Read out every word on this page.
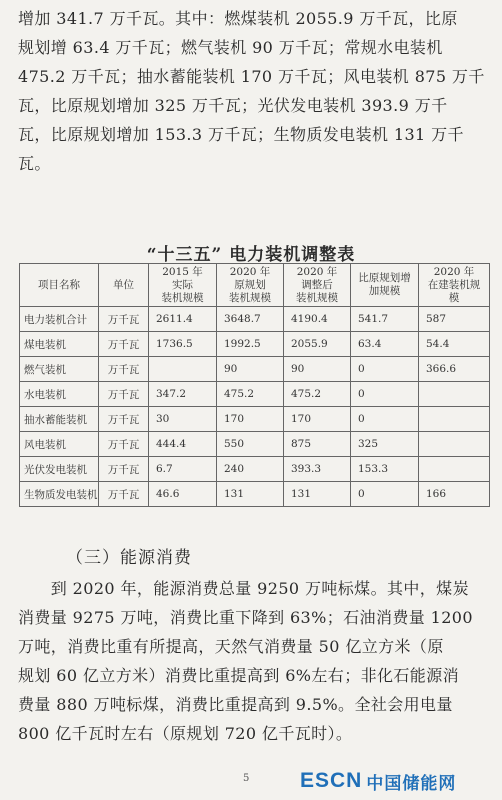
增加 341.7 万千瓦。其中：燃煤装机 2055.9 万千瓦，比原
规划增 63.4 万千瓦；燃气装机 90 万千瓦；常规水电装机
475.2 万千瓦；抽水蓄能装机 170 万千瓦；风电装机 875 万千
瓦，比原规划增加 325 万千瓦；光伏发电装机 393.9 万千
瓦，比原规划增加 153.3 万千瓦；生物质发电装机 131 万千
瓦。
“十三五” 电力装机调整表
项目名称	单位	2015 年
实际
装机规模	2020 年
原规划
装机规模	2020 年
调整后
装机规模	比原规划增
加规模	2020 年
在建装机规
模
电力装机合计	万千瓦	2611.4	3648.7	4190.4	541.7	587
煤电装机	万千瓦	1736.5	1992.5	2055.9	63.4	54.4
燃气装机	万千瓦		90	90	0	366.6
水电装机	万千瓦	347.2	475.2	475.2	0	
抽水蓄能装机	万千瓦	30	170	170	0	
风电装机	万千瓦	444.4	550	875	325	
光伏发电装机	万千瓦	6.7	240	393.3	153.3	
生物质发电装机	万千瓦	46.6	131	131	0	166
（三）能源消费
　　到 2020 年，能源消费总量 9250 万吨标煤。其中，煤炭
消费量 9275 万吨，消费比重下降到 63%；石油消费量 1200
万吨，消费比重有所提高，天然气消费量 50 亿立方米（原
规划 60 亿立方米）消费比重提高到 6%左右；非化石能源消
费量 880 万吨标煤，消费比重提高到 9.5%。全社会用电量
800 亿千瓦时左右（原规划 720 亿千瓦时）。
5 ESCN 中国储能网
